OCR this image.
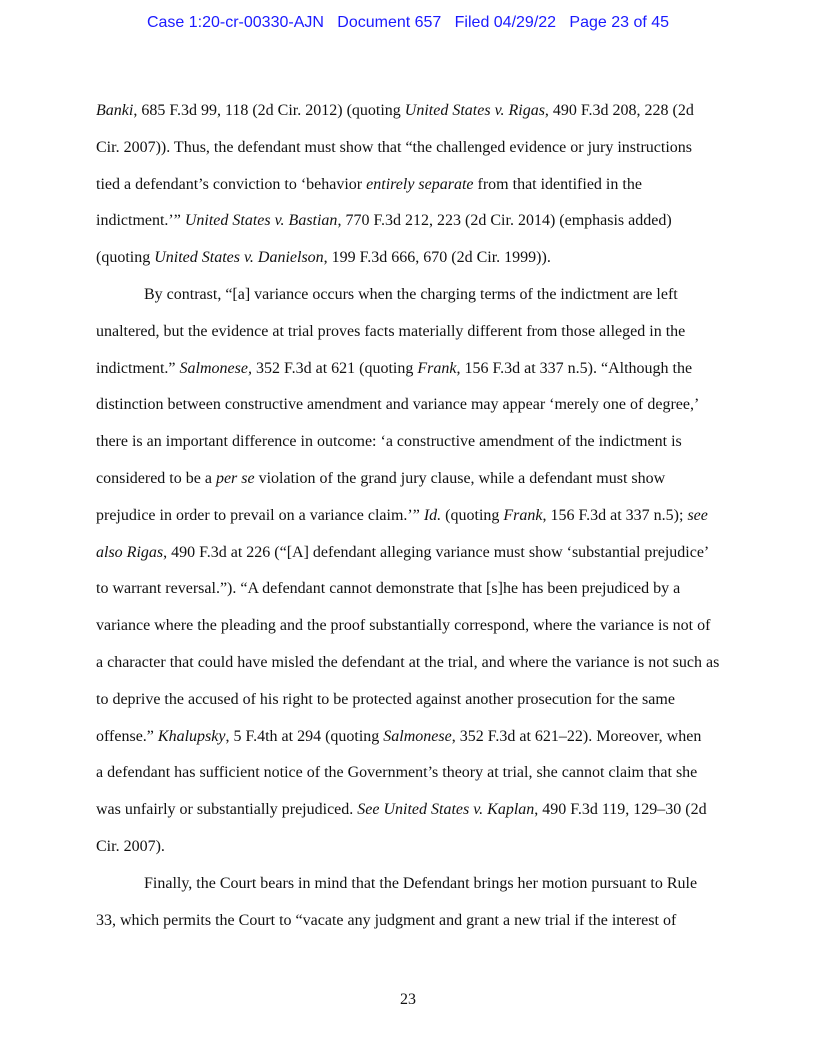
Case 1:20-cr-00330-AJN   Document 657   Filed 04/29/22   Page 23 of 45
Banki, 685 F.3d 99, 118 (2d Cir. 2012) (quoting United States v. Rigas, 490 F.3d 208, 228 (2d
Cir. 2007)). Thus, the defendant must show that “the challenged evidence or jury instructions
tied a defendant’s conviction to ‘behavior entirely separate from that identified in the
indictment.’” United States v. Bastian, 770 F.3d 212, 223 (2d Cir. 2014) (emphasis added)
(quoting United States v. Danielson, 199 F.3d 666, 670 (2d Cir. 1999)).
By contrast, “[a] variance occurs when the charging terms of the indictment are left
unaltered, but the evidence at trial proves facts materially different from those alleged in the
indictment.” Salmonese, 352 F.3d at 621 (quoting Frank, 156 F.3d at 337 n.5). “Although the
distinction between constructive amendment and variance may appear ‘merely one of degree,’
there is an important difference in outcome: ‘a constructive amendment of the indictment is
considered to be a per se violation of the grand jury clause, while a defendant must show
prejudice in order to prevail on a variance claim.’” Id. (quoting Frank, 156 F.3d at 337 n.5); see
also Rigas, 490 F.3d at 226 (“[A] defendant alleging variance must show ‘substantial prejudice’
to warrant reversal.”). “A defendant cannot demonstrate that [s]he has been prejudiced by a
variance where the pleading and the proof substantially correspond, where the variance is not of
a character that could have misled the defendant at the trial, and where the variance is not such as
to deprive the accused of his right to be protected against another prosecution for the same
offense.” Khalupsky, 5 F.4th at 294 (quoting Salmonese, 352 F.3d at 621–22). Moreover, when
a defendant has sufficient notice of the Government’s theory at trial, she cannot claim that she
was unfairly or substantially prejudiced. See United States v. Kaplan, 490 F.3d 119, 129–30 (2d
Cir. 2007).
Finally, the Court bears in mind that the Defendant brings her motion pursuant to Rule
33, which permits the Court to “vacate any judgment and grant a new trial if the interest of
23
